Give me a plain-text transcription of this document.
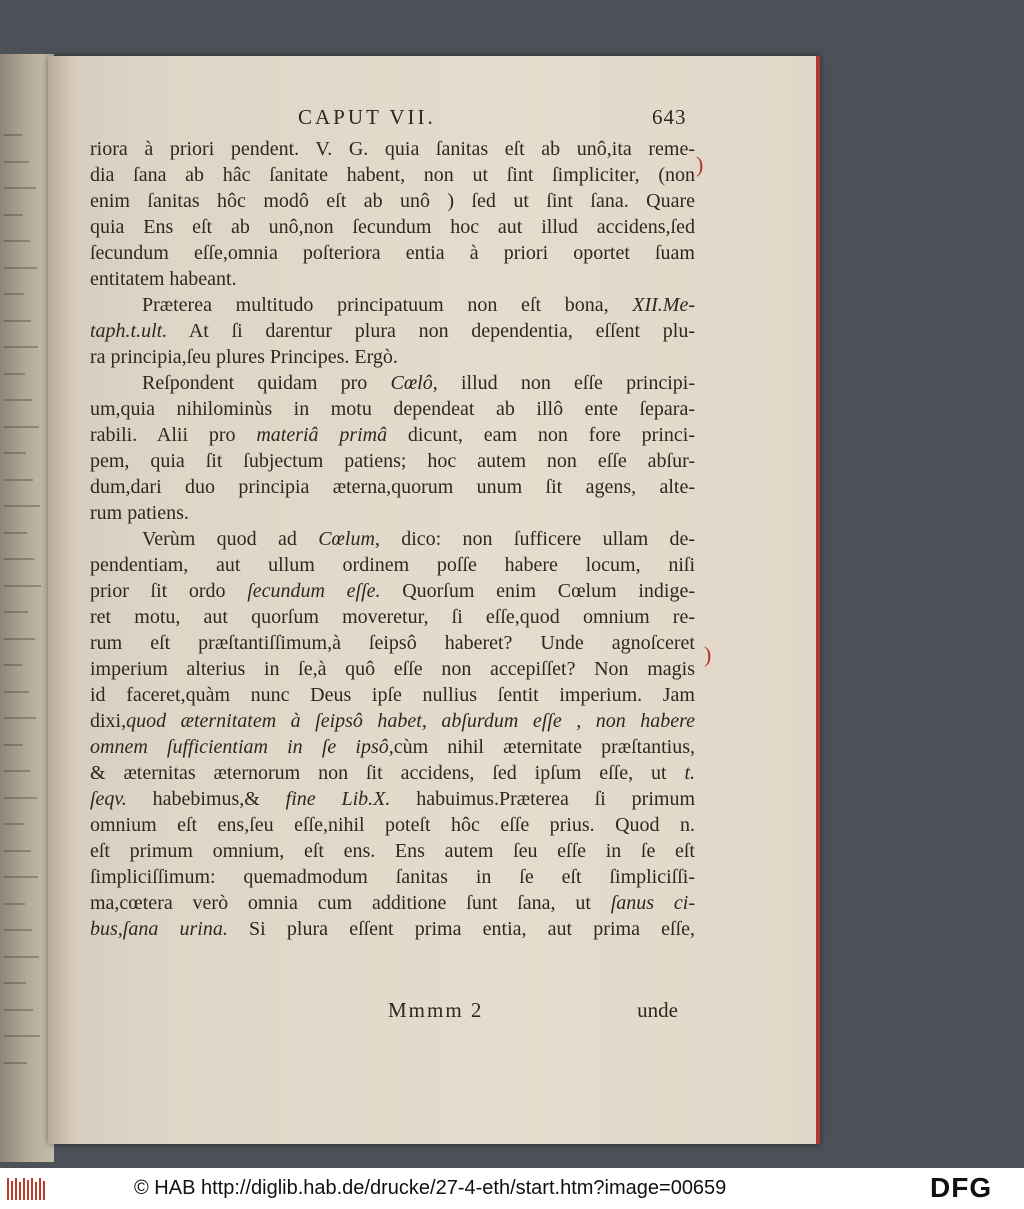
CAPUT VII.	643
riora à priori pendent. V. G. quia ſanitas eſt ab unô,ita reme-
dia ſana ab hâc ſanitate habent, non ut ſint ſimpliciter, (non
enim ſanitas hôc modô eſt ab unô ) ſed ut ſint ſana. Quare
quia Ens eſt ab unô,non ſecundum hoc aut illud accidens,ſed
ſecundum eſſe,omnia poſteriora entia à priori oportet ſuam
entitatem habeant.
Præterea multitudo principatuum non eſt bona, XII.Me-
taph.t.ult. At ſi darentur plura non dependentia, eſſent plu-
ra principia,ſeu plures Principes. Ergò.
Reſpondent quidam pro Cœlô, illud non eſſe principi-
um,quia nihilominùs in motu dependeat ab illô ente ſepara-
rabili. Alii pro materiâ primâ dicunt, eam non fore princi-
pem, quia ſit ſubjectum patiens; hoc autem non eſſe abſur-
dum,dari duo principia æterna,quorum unum ſit agens, alte-
rum patiens.
Verùm quod ad Cœlum, dico: non ſufficere ullam de-
pendentiam, aut ullum ordinem poſſe habere locum, niſi
prior ſit ordo ſecundum eſſe. Quorſum enim Cœlum indige-
ret motu, aut quorſum moveretur, ſi eſſe,quod omnium re-
rum eſt præſtantiſſimum,à ſeipsô haberet? Unde agnoſceret
imperium alterius in ſe,à quô eſſe non accepiſſet? Non magis
id faceret,quàm nunc Deus ipſe nullius ſentit imperium. Jam
dixi,quod æternitatem à ſeipsô habet, abſurdum eſſe , non habere
omnem ſufficientiam in ſe ipsô,cùm nihil æternitate præſtantius,
& æternitas æternorum non ſit accidens, ſed ipſum eſſe, ut t.
ſeqv. habebimus,& fine Lib.X. habuimus.Præterea ſi primum
omnium eſt ens,ſeu eſſe,nihil poteſt hôc eſſe prius. Quod n.
eſt primum omnium, eſt ens. Ens autem ſeu eſſe in ſe eſt
ſimpliciſſimum: quemadmodum ſanitas in ſe eſt ſimpliciſſi-
ma,cœtera verò omnia cum additione ſunt ſana, ut ſanus ci-
bus,ſana urina. Si plura eſſent prima entia, aut prima eſſe,
Mmmm 2	unde
)
)
© HAB http://diglib.hab.de/drucke/27-4-eth/start.htm?image=00659	DFG
